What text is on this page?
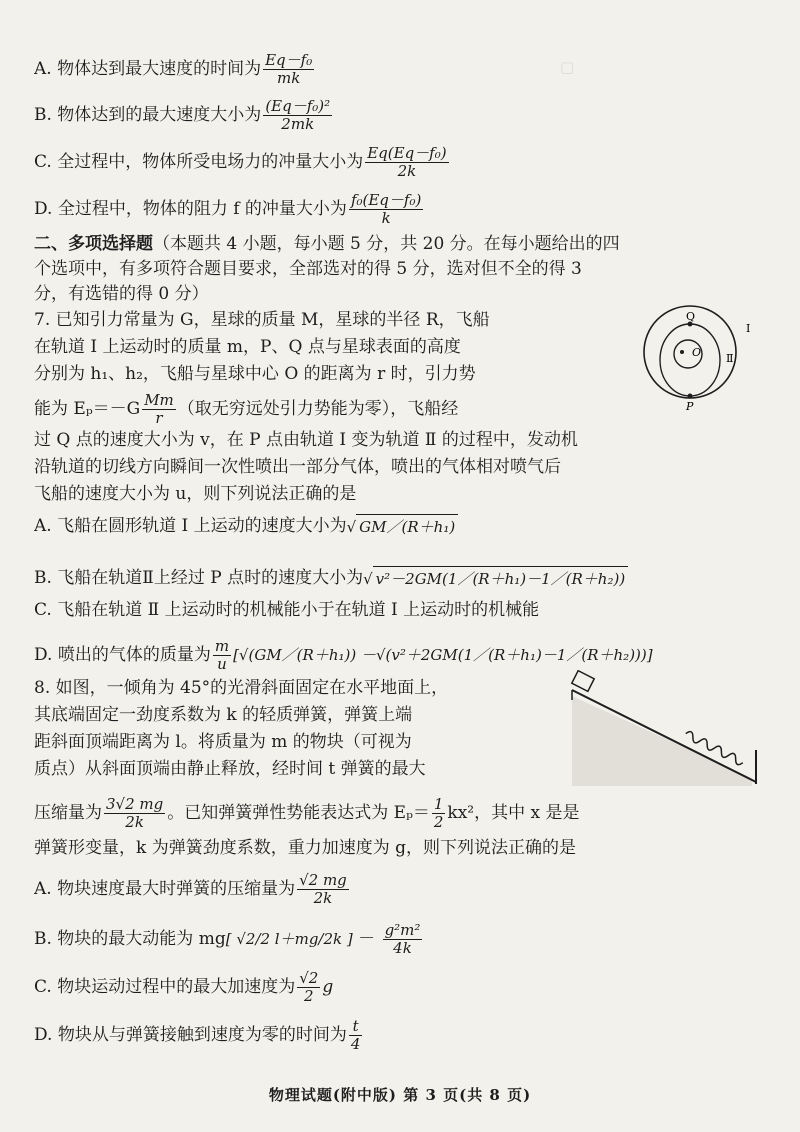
▢
A. 物体达到最大速度的时间为 $\frac{\text{Eq－f₀}}{mk}$
B. 物体达到的最大速度大小为 $\frac{\text{(Eq－f₀)²}}{2mk}$
C. 全过程中，物体所受电场力的冲量大小为 $\frac{\text{Eq(Eq－f₀)}}{2k}$
D. 全过程中，物体的阻力 f 的冲量大小为 $\frac{\text{f₀(Eq－f₀)}}{k}$
二、多项选择题（本题共 4 小题，每小题 5 分，共 20 分。在每小题给出的四
个选项中，有多项符合题目要求，全部选对的得 5 分，选对但不全的得 3
分，有选错的得 0 分）
7. 已知引力常量为 G，星球的质量 M，星球的半径 R，飞船
在轨道 Ⅰ 上运动时的质量 m，P、Q 点与星球表面的高度
分别为 h₁、h₂，飞船与星球中心 O 的距离为 r 时，引力势
能为 $E_p=-G \frac{Mm}{r}$ （取无穷远处引力势能为零），飞船经
过 Q 点的速度大小为 v，在 P 点由轨道 Ⅰ 变为轨道 Ⅱ 的过程中，发动机
沿轨道的切线方向瞬间一次性喷出一部分气体，喷出的气体相对喷气后
飞船的速度大小为 u，则下列说法正确的是
Q
O
P
Ⅰ
Ⅱ
A. 飞船在圆形轨道 Ⅰ 上运动的速度大小为√ GM／(R＋h₁)
B. 飞船在轨道Ⅱ上经过 P 点时的速度大小为√ v²－2GM(1／(R＋h₁)－1／(R＋h₂))
C. 飞船在轨道 Ⅱ 上运动时的机械能小于在轨道 Ⅰ 上运动时的机械能
D. 喷出的气体的质量为 $\frac{m}{u}$ [√(GM／(R＋h₁)) －√(v²＋2GM(1／(R＋h₁)－1／(R＋h₂)))]
8. 如图，一倾角为 45°的光滑斜面固定在水平地面上，
其底端固定一劲度系数为 k 的轻质弹簧，弹簧上端
距斜面顶端距离为 l。将质量为 m 的物块（可视为
质点）从斜面顶端由静止释放，经时间 t 弹簧的最大
压缩量为 $\frac{3√2 mg}{2k}$ 。已知弹簧弹性势能表达式为 $E_p= \frac{1}{2} kx^2$，其中 x 是是
弹簧形变量，k 为弹簧劲度系数，重力加速度为 g，则下列说法正确的是
A. 物块速度最大时弹簧的压缩量为 $\frac{√2 mg}{2k}$
B. 物块的最大动能为 mg[ √2/2 l＋mg/2k ] － $\frac{\text{g²m²}}{4k}$
C. 物块运动过程中的最大加速度为 $\frac{√2}{2}$ g
D. 物块从与弹簧接触到速度为零的时间为 $\frac{t}{4}$
物理试题(附中版) 第 3 页(共 8 页)
